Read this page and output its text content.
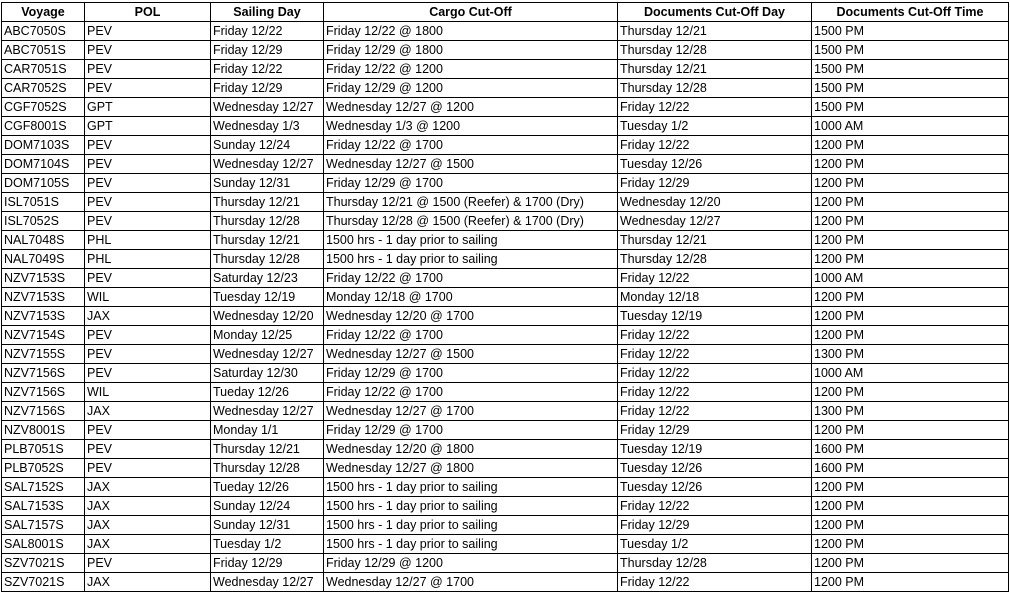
Voyage	POL	Sailing Day	Cargo Cut-Off	Documents Cut-Off Day	Documents Cut-Off Time
ABC7050S	PEV	Friday 12/22	Friday 12/22 @ 1800	Thursday 12/21	1500 PM
ABC7051S	PEV	Friday 12/29	Friday 12/29 @ 1800	Thursday 12/28	1500 PM
CAR7051S	PEV	Friday 12/22	Friday 12/22 @ 1200	Thursday 12/21	1500 PM
CAR7052S	PEV	Friday 12/29	Friday 12/29 @ 1200	Thursday 12/28	1500 PM
CGF7052S	GPT	Wednesday 12/27	Wednesday 12/27 @ 1200	Friday 12/22	1500 PM
CGF8001S	GPT	Wednesday 1/3	Wednesday 1/3 @ 1200	Tuesday 1/2	1000 AM
DOM7103S	PEV	Sunday 12/24	Friday 12/22 @ 1700	Friday 12/22	1200 PM
DOM7104S	PEV	Wednesday 12/27	Wednesday 12/27 @ 1500	Tuesday 12/26	1200 PM
DOM7105S	PEV	Sunday 12/31	Friday 12/29 @ 1700	Friday 12/29	1200 PM
ISL7051S	PEV	Thursday 12/21	Thursday 12/21 @ 1500 (Reefer) & 1700 (Dry)	Wednesday 12/20	1200 PM
ISL7052S	PEV	Thursday 12/28	Thursday 12/28 @ 1500 (Reefer) & 1700 (Dry)	Wednesday 12/27	1200 PM
NAL7048S	PHL	Thursday 12/21	1500 hrs - 1 day prior to sailing	Thursday 12/21	1200 PM
NAL7049S	PHL	Thursday 12/28	1500 hrs - 1 day prior to sailing	Thursday 12/28	1200 PM
NZV7153S	PEV	Saturday 12/23	Friday 12/22 @ 1700	Friday 12/22	1000 AM
NZV7153S	WIL	Tuesday 12/19	Monday 12/18 @ 1700	Monday 12/18	1200 PM
NZV7153S	JAX	Wednesday 12/20	Wednesday 12/20 @ 1700	Tuesday 12/19	1200 PM
NZV7154S	PEV	Monday 12/25	Friday 12/22 @ 1700	Friday 12/22	1200 PM
NZV7155S	PEV	Wednesday 12/27	Wednesday 12/27 @ 1500	Friday 12/22	1300 PM
NZV7156S	PEV	Saturday 12/30	Friday 12/29 @ 1700	Friday 12/22	1000 AM
NZV7156S	WIL	Tueday 12/26	Friday 12/22 @ 1700	Friday 12/22	1200 PM
NZV7156S	JAX	Wednesday 12/27	Wednesday 12/27 @ 1700	Friday 12/22	1300 PM
NZV8001S	PEV	Monday 1/1	Friday 12/29 @ 1700	Friday 12/29	1200 PM
PLB7051S	PEV	Thursday 12/21	Wednesday 12/20 @ 1800	Tuesday 12/19	1600 PM
PLB7052S	PEV	Thursday 12/28	Wednesday 12/27 @ 1800	Tuesday 12/26	1600 PM
SAL7152S	JAX	Tueday 12/26	1500 hrs - 1 day prior to sailing	Tuesday 12/26	1200 PM
SAL7153S	JAX	Sunday 12/24	1500 hrs - 1 day prior to sailing	Friday 12/22	1200 PM
SAL7157S	JAX	Sunday 12/31	1500 hrs - 1 day prior to sailing	Friday 12/29	1200 PM
SAL8001S	JAX	Tuesday 1/2	1500 hrs - 1 day prior to sailing	Tuesday 1/2	1200 PM
SZV7021S	PEV	Friday 12/29	Friday 12/29 @ 1200	Thursday 12/28	1200 PM
SZV7021S	JAX	Wednesday 12/27	Wednesday 12/27 @ 1700	Friday 12/22	1200 PM
